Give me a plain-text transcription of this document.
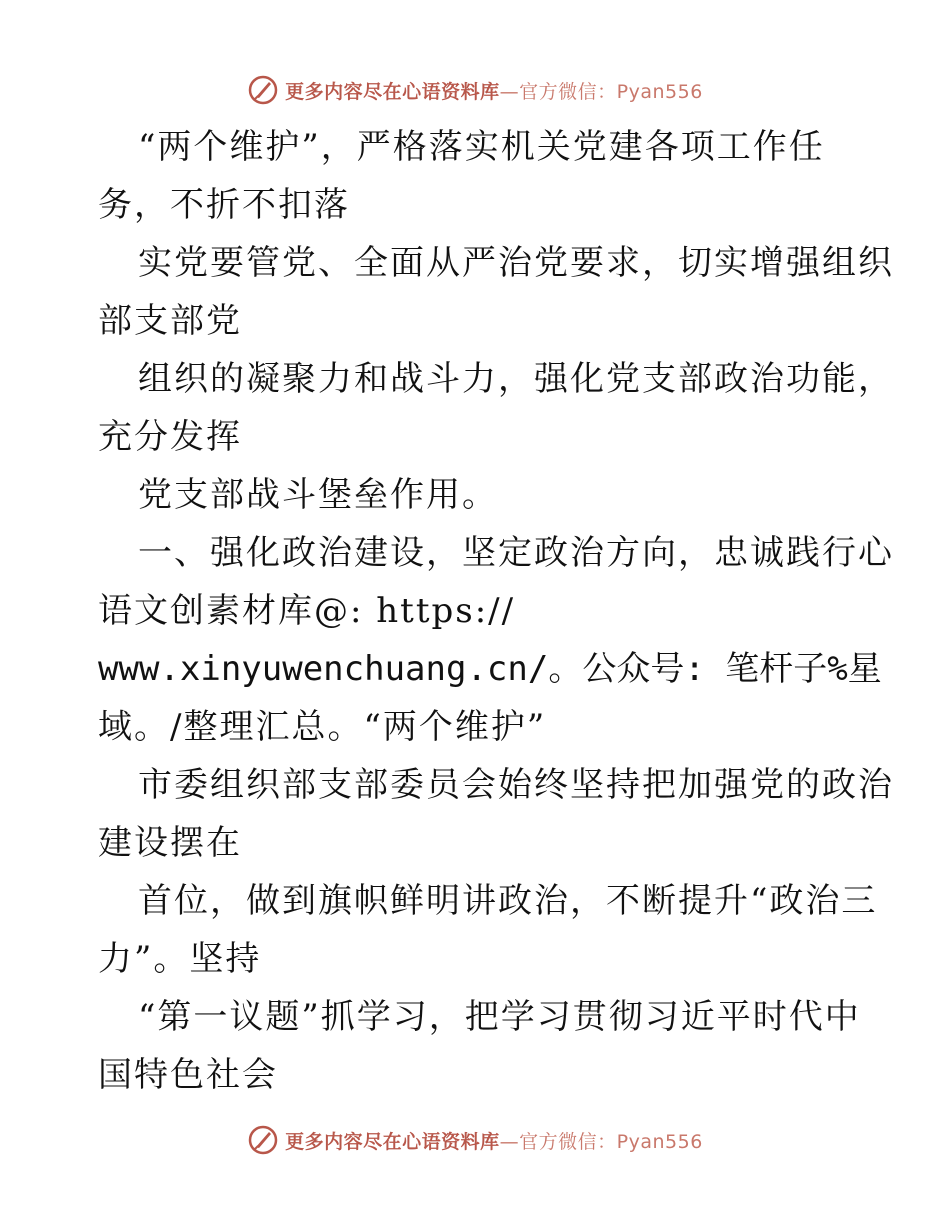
更多内容尽在心语资料库—官方微信：Pyan556
“两个维护”，严格落实机关党建各项工作任
务，不折不扣落
实党要管党、全面从严治党要求，切实增强组织
部支部党
组织的凝聚力和战斗力，强化党支部政治功能，
充分发挥
党支部战斗堡垒作用。
一、强化政治建设，坚定政治方向，忠诚践行心
语文创素材库@: https://
www.xinyuwenchuang.cn/。公众号: 笔杆子%星
域。/整理汇总。“两个维护”
市委组织部支部委员会始终坚持把加强党的政治
建设摆在
首位，做到旗帜鲜明讲政治，不断提升“政治三
力”。坚持
“第一议题”抓学习，把学习贯彻习近平时代中
国特色社会
更多内容尽在心语资料库—官方微信：Pyan556
